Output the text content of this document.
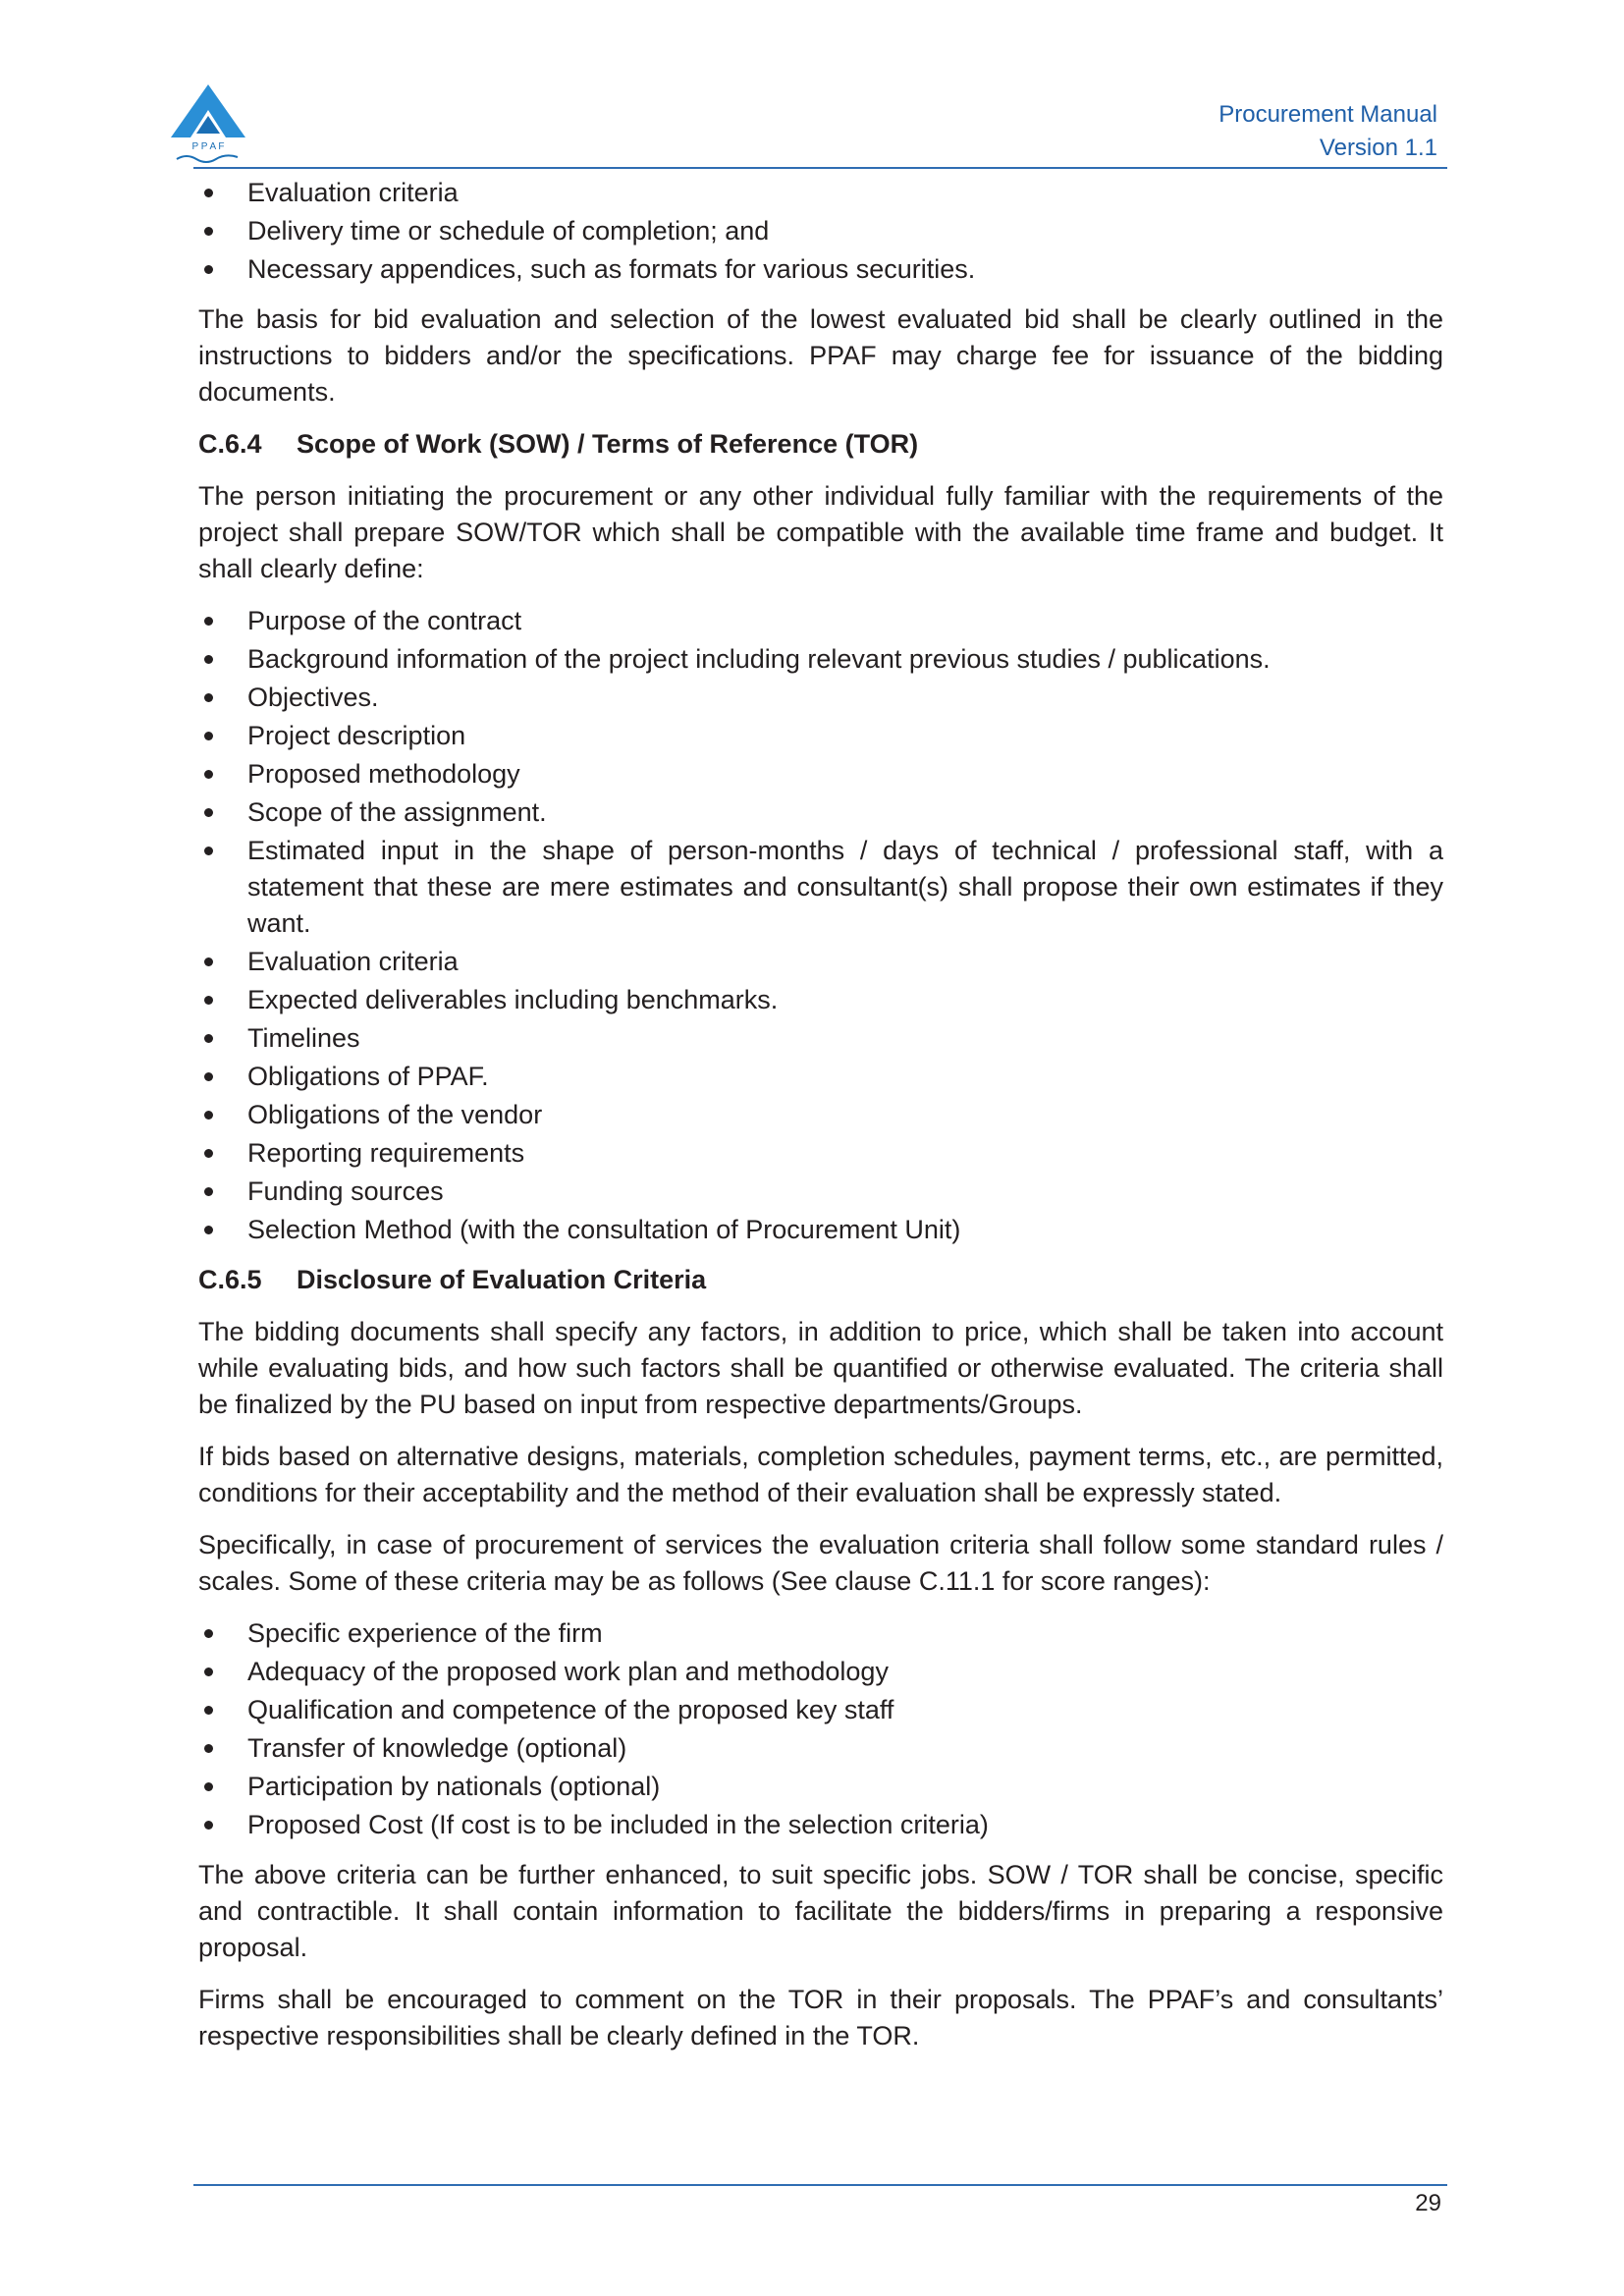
P P A F
Procurement Manual
Version 1.1
Evaluation criteria
Delivery time or schedule of completion; and
Necessary appendices, such as formats for various securities.

The basis for bid evaluation and selection of the lowest evaluated bid shall be clearly outlined in the instructions to bidders and/or the specifications. PPAF may charge fee for issuance of the bidding documents.

C.6.4 Scope of Work (SOW) / Terms of Reference (TOR)

The person initiating the procurement or any other individual fully familiar with the requirements of the project shall prepare SOW/TOR which shall be compatible with the available time frame and budget. It shall clearly define:

Purpose of the contract
Background information of the project including relevant previous studies / publications.
Objectives.
Project description
Proposed methodology
Scope of the assignment.
Estimated input in the shape of person-months / days of technical / professional staff, with a statement that these are mere estimates and consultant(s) shall propose their own estimates if they want.
Evaluation criteria
Expected deliverables including benchmarks.
Timelines
Obligations of PPAF.
Obligations of the vendor
Reporting requirements
Funding sources
Selection Method (with the consultation of Procurement Unit)
C.6.5 Disclosure of Evaluation Criteria

The bidding documents shall specify any factors, in addition to price, which shall be taken into account while evaluating bids, and how such factors shall be quantified or otherwise evaluated. The criteria shall be finalized by the PU based on input from respective departments/Groups.

If bids based on alternative designs, materials, completion schedules, payment terms, etc., are permitted, conditions for their acceptability and the method of their evaluation shall be expressly stated.

Specifically, in case of procurement of services the evaluation criteria shall follow some standard rules / scales. Some of these criteria may be as follows (See clause C.11.1 for score ranges):

Specific experience of the firm
Adequacy of the proposed work plan and methodology
Qualification and competence of the proposed key staff
Transfer of knowledge (optional)
Participation by nationals (optional)
Proposed Cost (If cost is to be included in the selection criteria)

The above criteria can be further enhanced, to suit specific jobs. SOW / TOR shall be concise, specific and contractible. It shall contain information to facilitate the bidders/firms in preparing a responsive proposal.

Firms shall be encouraged to comment on the TOR in their proposals. The PPAF’s and consultants’ respective responsibilities shall be clearly defined in the TOR.

29
